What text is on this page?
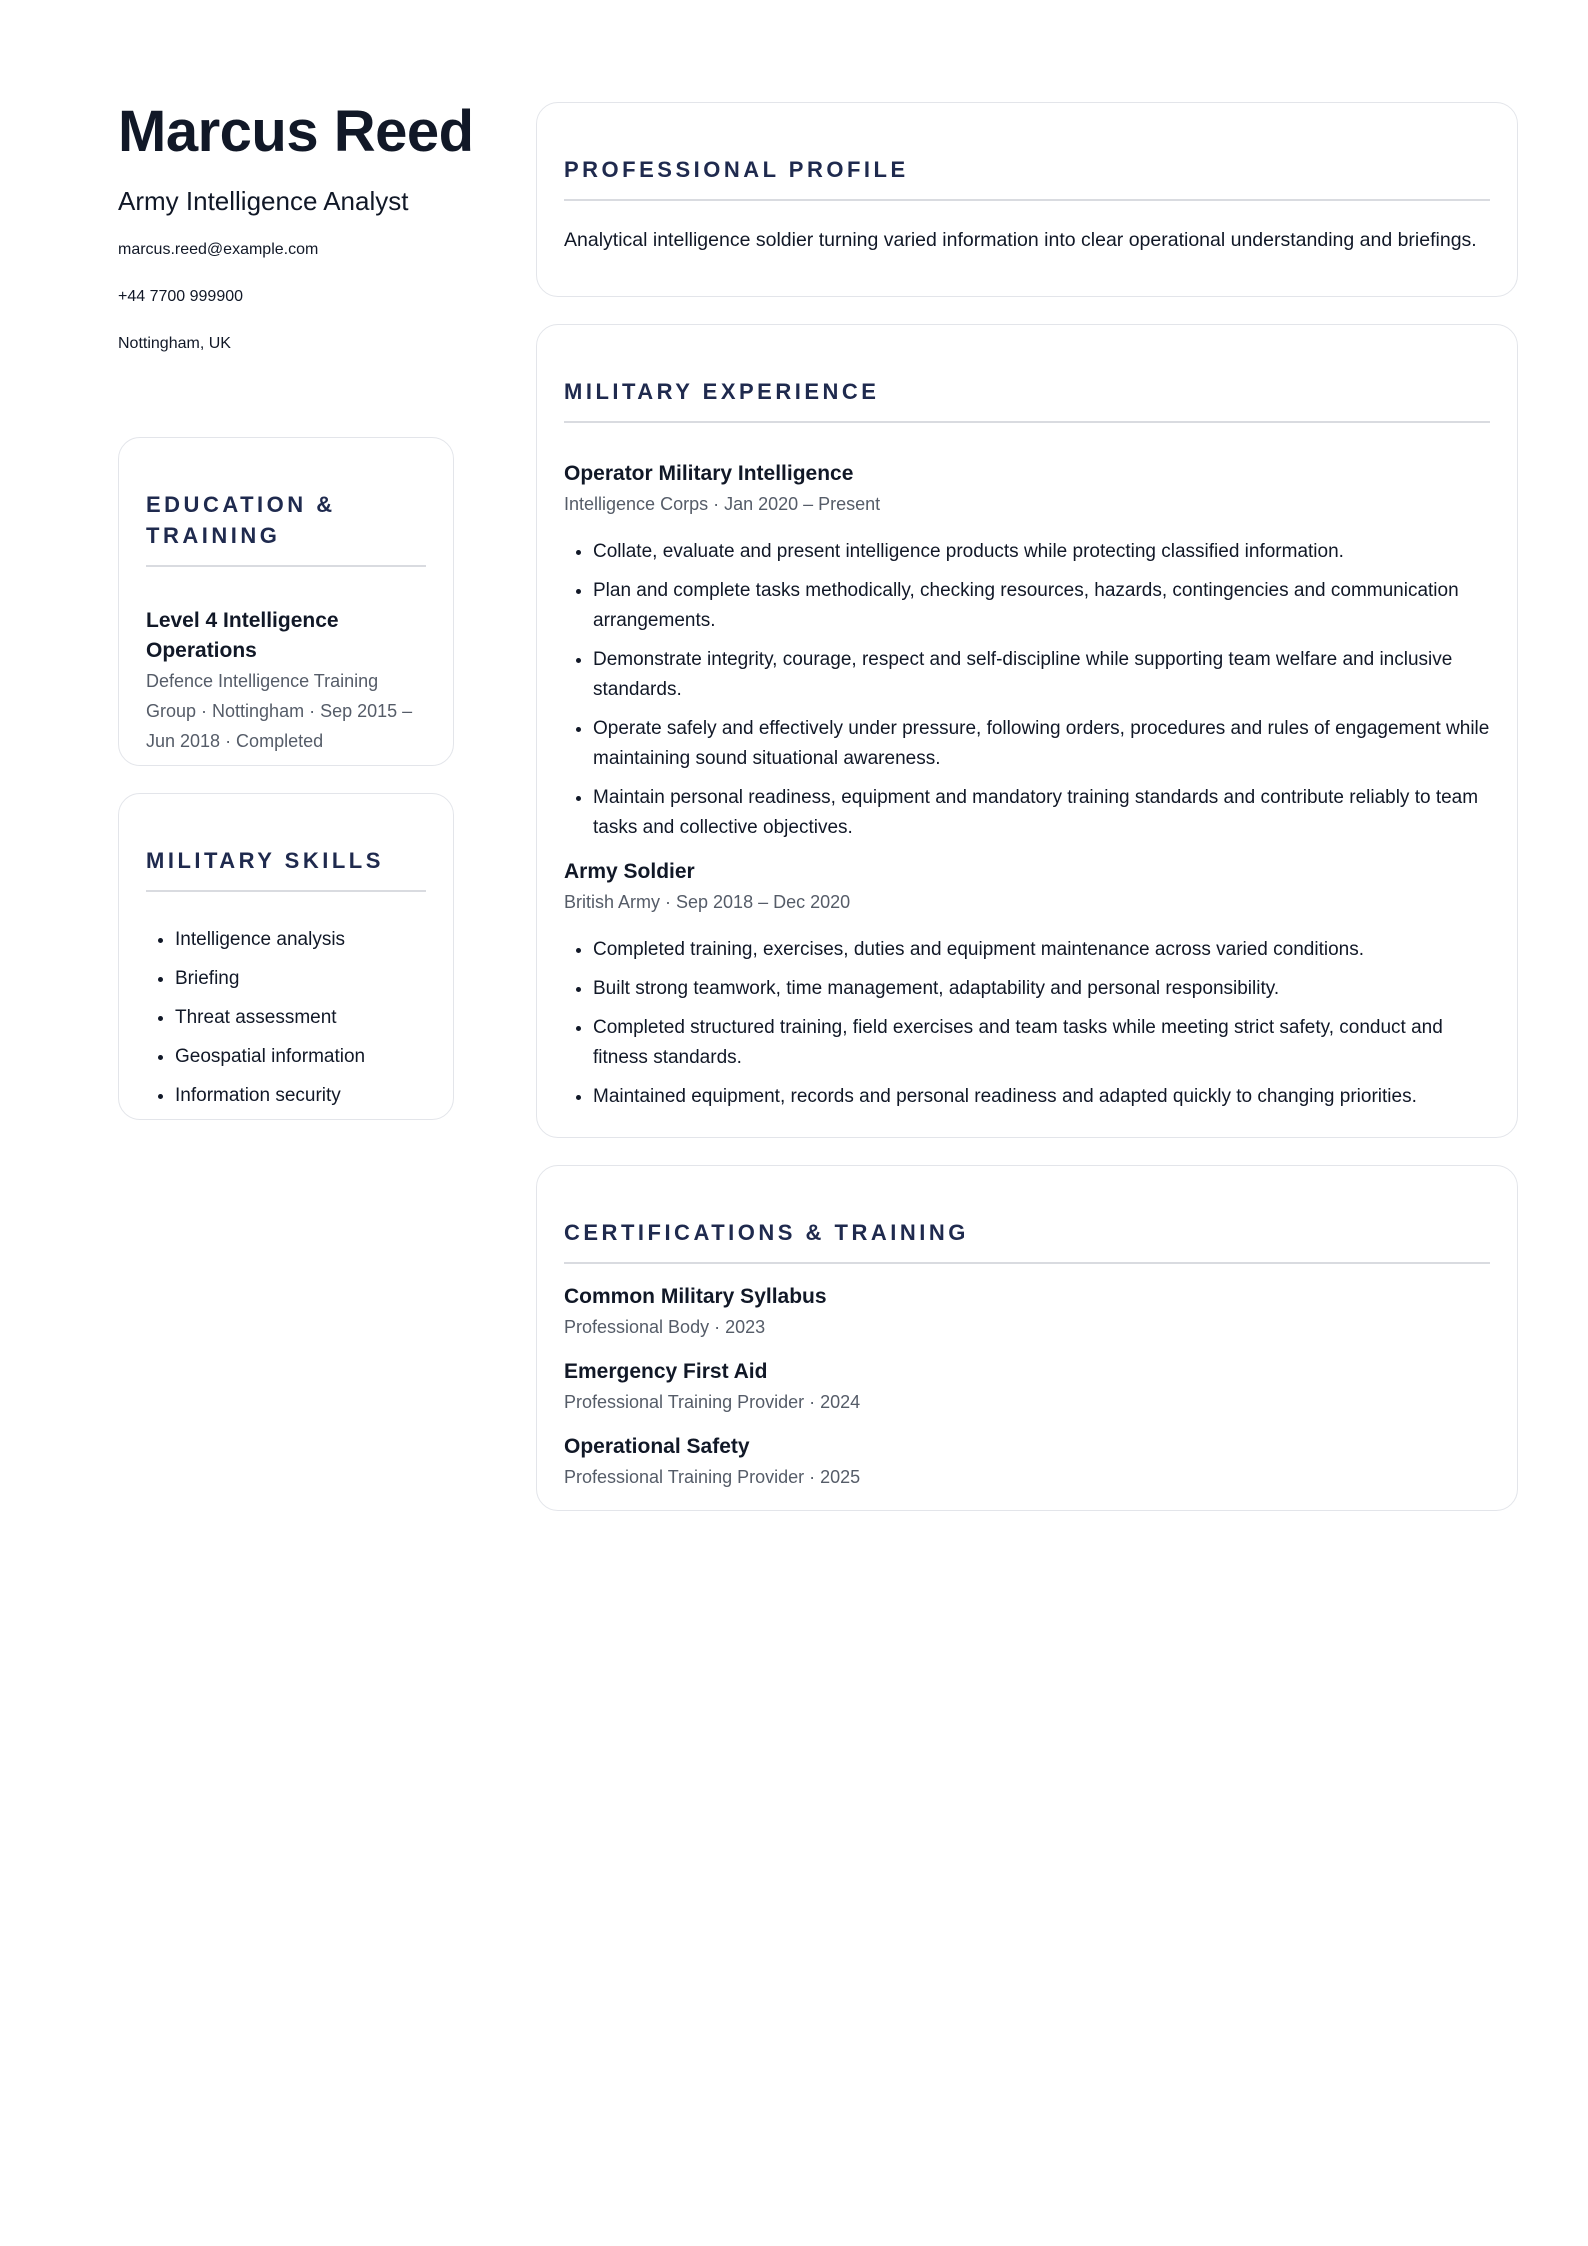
Marcus Reed
Army Intelligence Analyst
marcus.reed@example.com
+44 7700 999900
Nottingham, UK
EDUCATION & TRAINING
Level 4 Intelligence Operations
Defence Intelligence Training Group · Nottingham · Sep 2015 – Jun 2018 · Completed
MILITARY SKILLS
• Intelligence analysis
• Briefing
• Threat assessment
• Geospatial information
• Information security
PROFESSIONAL PROFILE
Analytical intelligence soldier turning varied information into clear operational understanding and briefings.
MILITARY EXPERIENCE
Operator Military Intelligence
Intelligence Corps · Jan 2020 – Present
• Collate, evaluate and present intelligence products while protecting classified information.
• Plan and complete tasks methodically, checking resources, hazards, contingencies and communication arrangements.
• Demonstrate integrity, courage, respect and self-discipline while supporting team welfare and inclusive standards.
• Operate safely and effectively under pressure, following orders, procedures and rules of engagement while maintaining sound situational awareness.
• Maintain personal readiness, equipment and mandatory training standards and contribute reliably to team tasks and collective objectives.
Army Soldier
British Army · Sep 2018 – Dec 2020
• Completed training, exercises, duties and equipment maintenance across varied conditions.
• Built strong teamwork, time management, adaptability and personal responsibility.
• Completed structured training, field exercises and team tasks while meeting strict safety, conduct and fitness standards.
• Maintained equipment, records and personal readiness and adapted quickly to changing priorities.
CERTIFICATIONS & TRAINING
Common Military Syllabus
Professional Body · 2023
Emergency First Aid
Professional Training Provider · 2024
Operational Safety
Professional Training Provider · 2025
